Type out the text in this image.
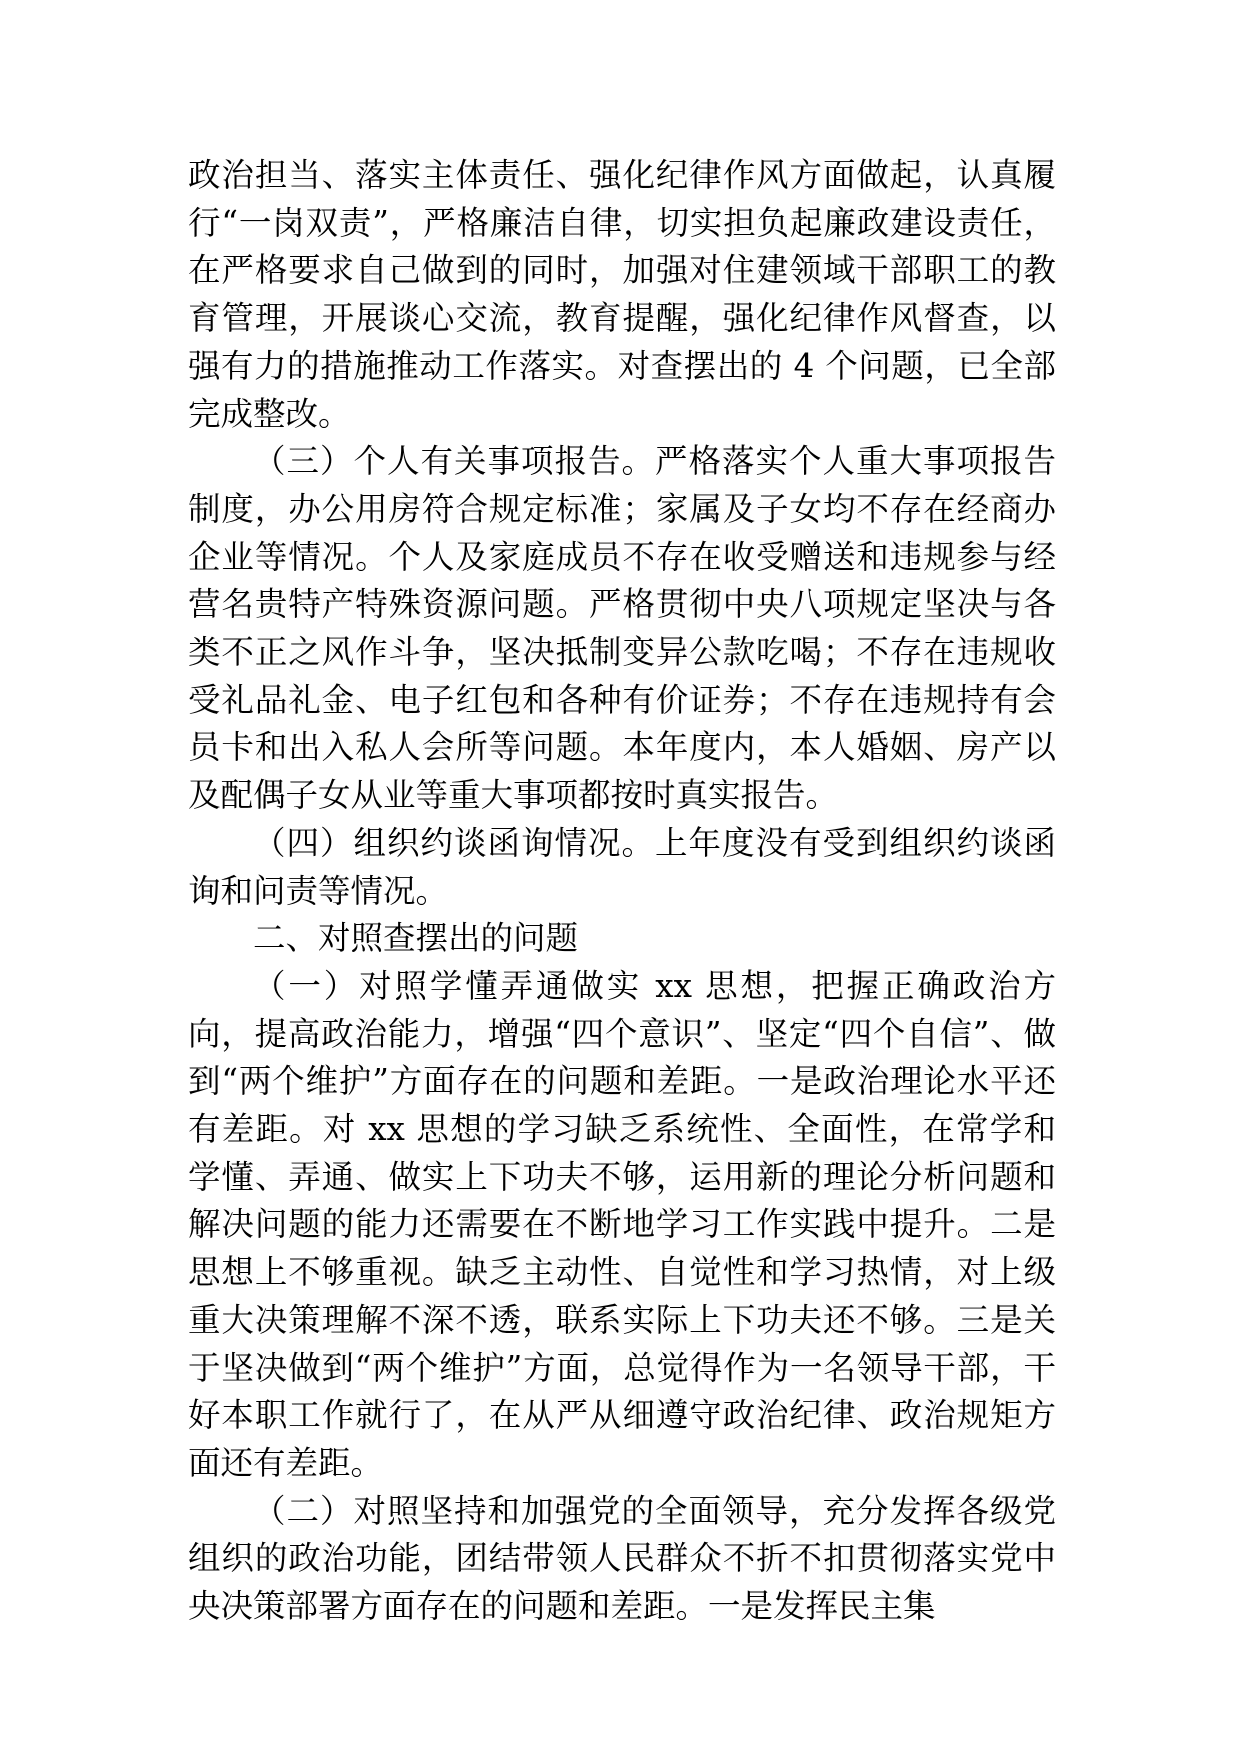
政治担当、落实主体责任、强化纪律作风方面做起，认真履行“一岗双责”，严格廉洁自律，切实担负起廉政建设责任，在严格要求自己做到的同时，加强对住建领域干部职工的教育管理，开展谈心交流，教育提醒，强化纪律作风督查，以强有力的措施推动工作落实。对查摆出的 4 个问题，已全部完成整改。

（三）个人有关事项报告。严格落实个人重大事项报告制度，办公用房符合规定标准；家属及子女均不存在经商办企业等情况。个人及家庭成员不存在收受赠送和违规参与经营名贵特产特殊资源问题。严格贯彻中央八项规定坚决与各类不正之风作斗争，坚决抵制变异公款吃喝；不存在违规收受礼品礼金、电子红包和各种有价证券；不存在违规持有会员卡和出入私人会所等问题。本年度内，本人婚姻、房产以及配偶子女从业等重大事项都按时真实报告。

（四）组织约谈函询情况。上年度没有受到组织约谈函询和问责等情况。

二、对照查摆出的问题

（一）对照学懂弄通做实 xx 思想，把握正确政治方向，提高政治能力，增强“四个意识”、坚定“四个自信”、做到“两个维护”方面存在的问题和差距。一是政治理论水平还有差距。对 xx 思想的学习缺乏系统性、全面性，在常学和学懂、弄通、做实上下功夫不够，运用新的理论分析问题和解决问题的能力还需要在不断地学习工作实践中提升。二是思想上不够重视。缺乏主动性、自觉性和学习热情，对上级重大决策理解不深不透，联系实际上下功夫还不够。三是关于坚决做到“两个维护”方面，总觉得作为一名领导干部，干好本职工作就行了，在从严从细遵守政治纪律、政治规矩方面还有差距。

（二）对照坚持和加强党的全面领导，充分发挥各级党组织的政治功能，团结带领人民群众不折不扣贯彻落实党中央决策部署方面存在的问题和差距。一是发挥民主集
